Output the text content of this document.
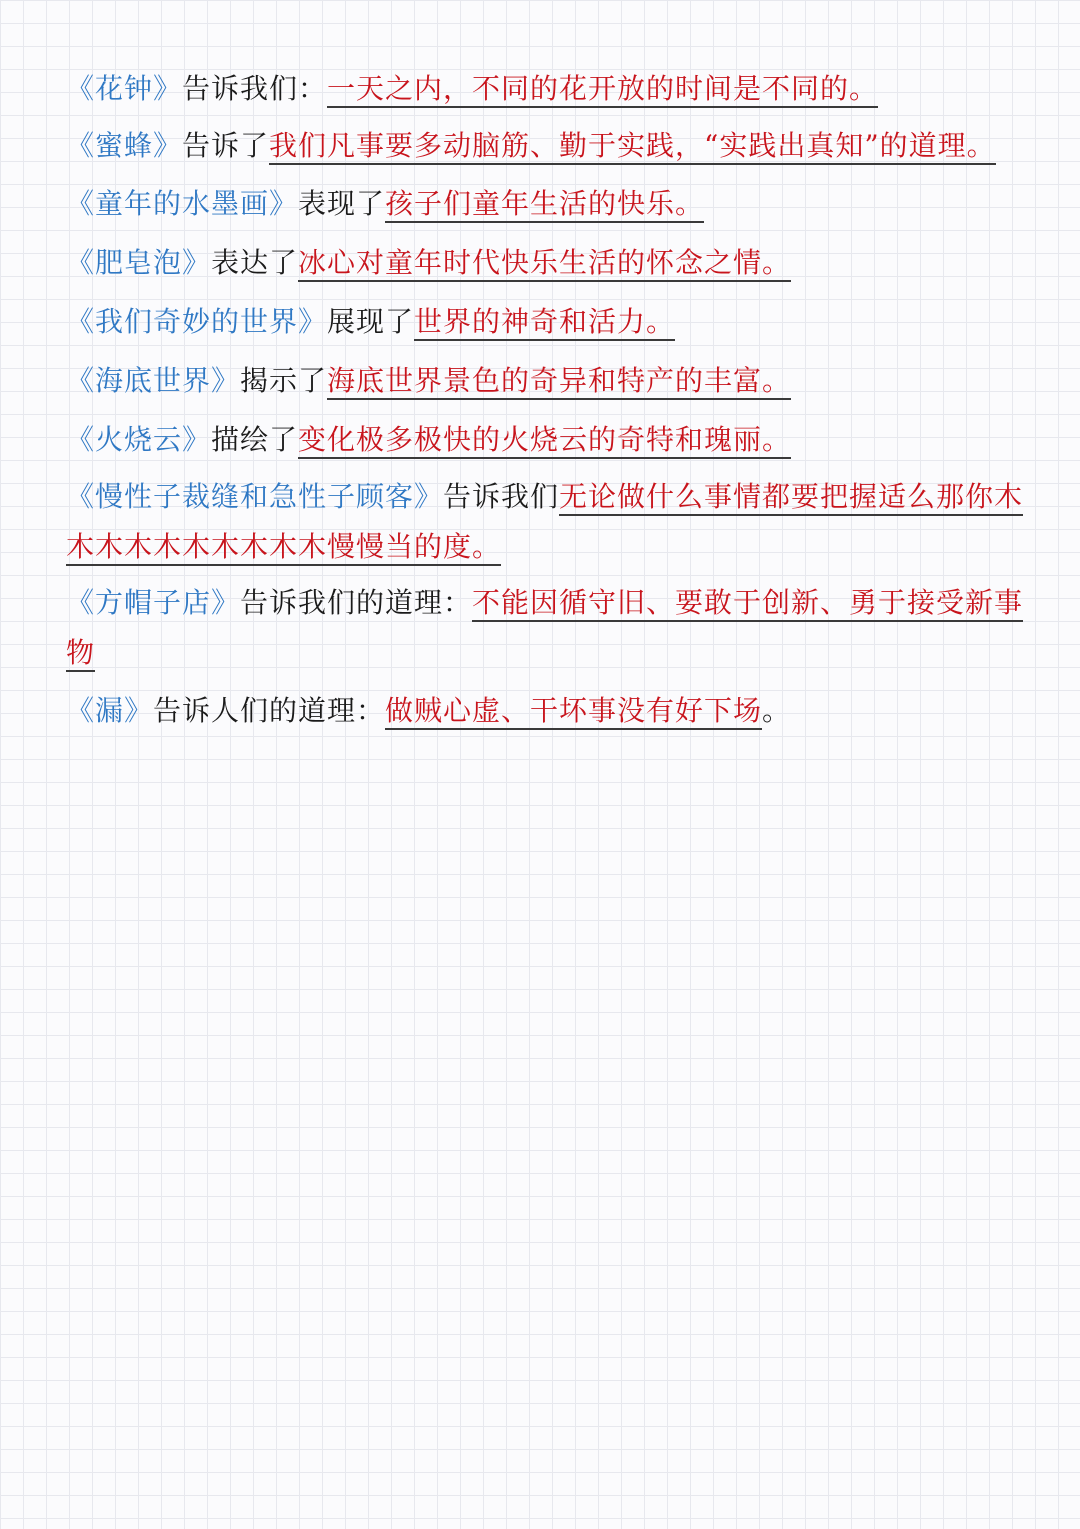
《花钟》告诉我们：一天之内，不同的花开放的时间是不同的。

《蜜蜂》告诉了我们凡事要多动脑筋、勤于实践，“实践出真知”的道理。

《童年的水墨画》表现了孩子们童年生活的快乐。

《肥皂泡》表达了冰心对童年时代快乐生活的怀念之情。

《我们奇妙的世界》展现了世界的神奇和活力。

《海底世界》揭示了海底世界景色的奇异和特产的丰富。

《火烧云》描绘了变化极多极快的火烧云的奇特和瑰丽。

《慢性子裁缝和急性子顾客》告诉我们无论做什么事情都要把握适么那你木木木木木木木木木木慢慢当的度。

《方帽子店》告诉我们的道理：不能因循守旧、要敢于创新、勇于接受新事物

《漏》告诉人们的道理：做贼心虚、干坏事没有好下场。
